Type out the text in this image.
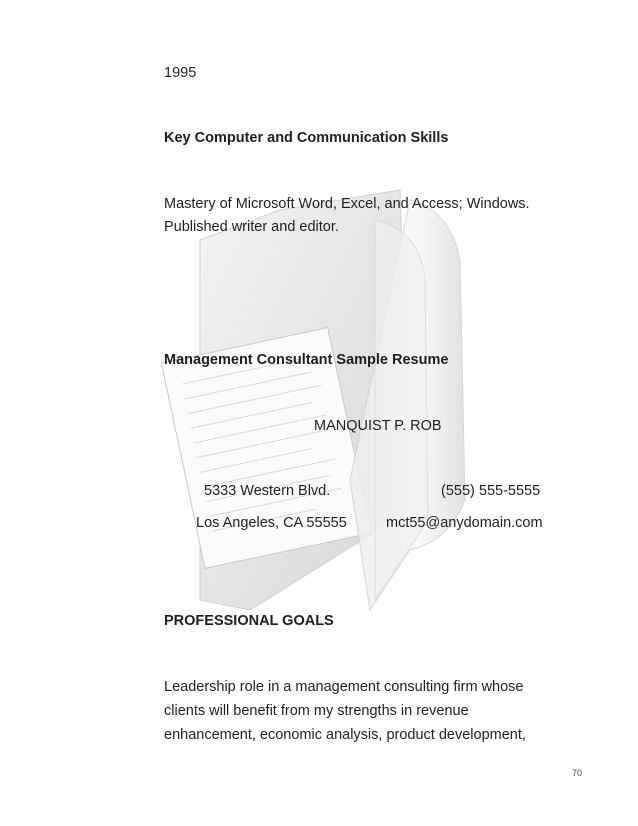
1995
Key Computer and Communication Skills
Mastery of Microsoft Word, Excel, and Access; Windows.
Published writer and editor.
Management Consultant Sample Resume
MANQUIST P. ROB
5333 Western Blvd.	(555) 555-5555
Los Angeles, CA 55555	mct55@anydomain.com
PROFESSIONAL GOALS
Leadership role in a management consulting firm whose
clients will benefit from my strengths in revenue
enhancement, economic analysis, product development,
70
